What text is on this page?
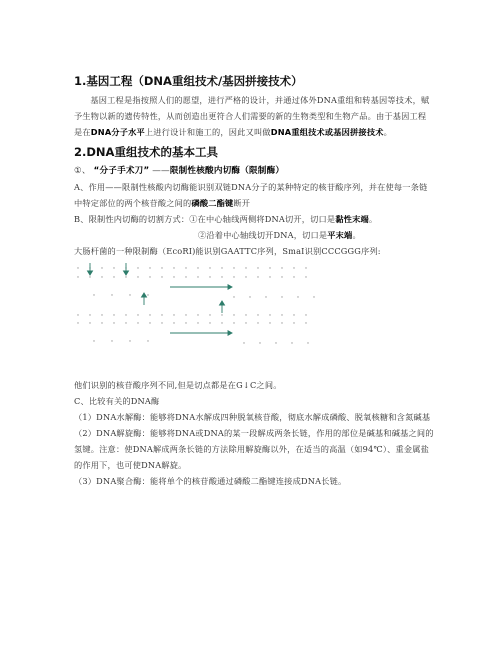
1.基因工程（DNA重组技术/基因拼接技术）

基因工程是指按照人们的愿望，进行严格的设计，并通过体外DNA重组和转基因等技术，赋予生物以新的遗传特性，从而创造出更符合人们需要的新的生物类型和生物产品。由于基因工程是在DNA分子水平上进行设计和施工的，因此又叫做DNA重组技术或基因拼接技术。

2.DNA重组技术的基本工具

①、 “分子手术刀” ——限制性核酸内切酶（限制酶）

A、作用——限制性核酸内切酶能识别双链DNA分子的某种特定的核苷酸序列，并在使每一条链中特定部位的两个核苷酸之间的磷酸二酯键断开

B、限制性内切酶的切割方式：①在中心轴线两侧将DNA切开，切口是黏性末端。

②沿着中心轴线切开DNA，切口是平末端。

大肠杆菌的一种限制酶（EcoRⅠ)能识别GAATTC序列，SmaI识别CCCGGG序列:

他们识别的核苷酸序列不同,但是切点都是在G↓C之间。

C、比较有关的DNA酶

（1）DNA水解酶：能够将DNA水解成四种脱氧核苷酸，彻底水解成磷酸、脱氧核糖和含氮碱基

（2）DNA解旋酶：能够将DNA或DNA的某一段解成两条长链，作用的部位是碱基和碱基之间的氢键。注意：使DNA解成两条长链的方法除用解旋酶以外，在适当的高温（如94℃）、重金属盐的作用下，也可使DNA解旋。

（3）DNA聚合酶：能将单个的核苷酸通过磷酸二酯键连接成DNA长链。
